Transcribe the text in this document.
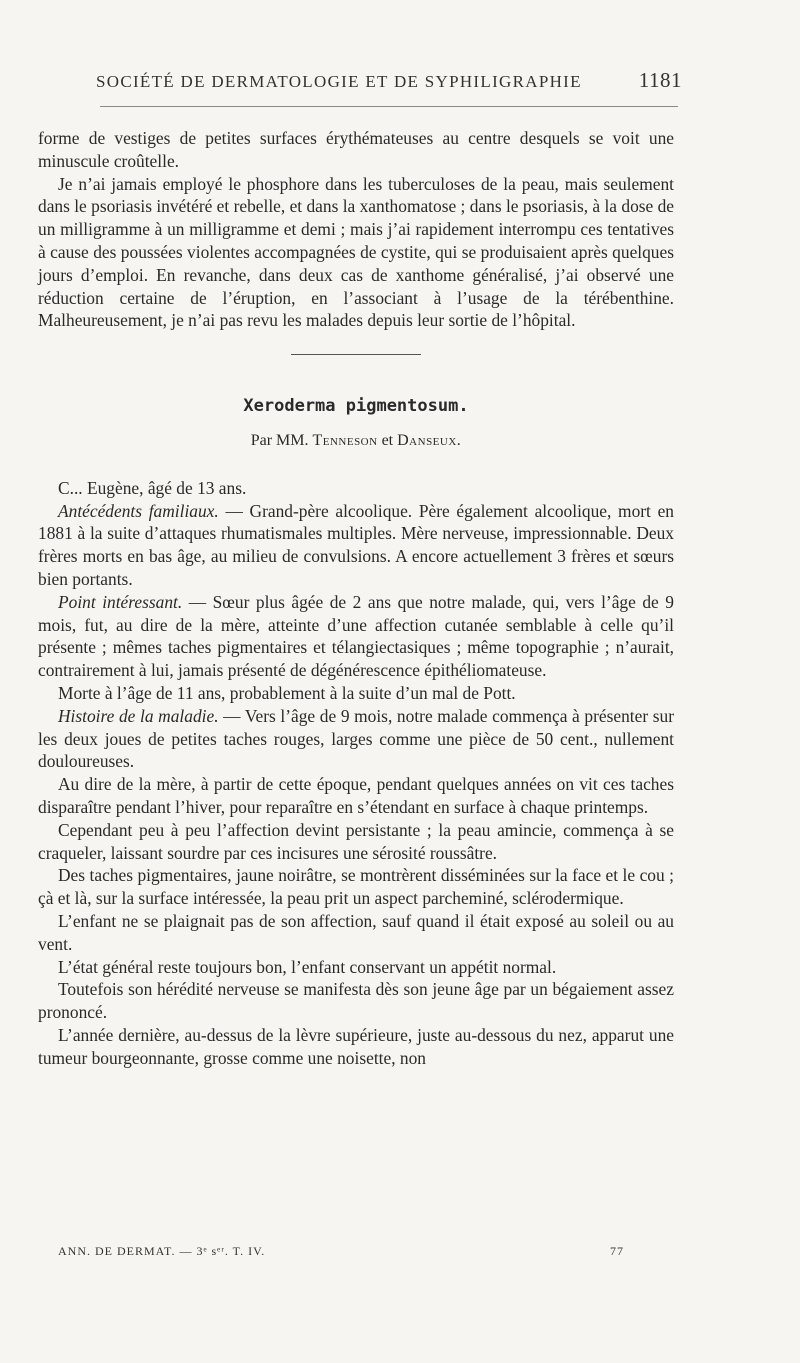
SOCIÉTÉ DE DERMATOLOGIE ET DE SYPHILIGRAPHIE	1181

forme de vestiges de petites surfaces érythémateuses au centre desquels se voit une minuscule croûtelle.

Je n’ai jamais employé le phosphore dans les tuberculoses de la peau, mais seulement dans le psoriasis invétéré et rebelle, et dans la xanthomatose ; dans le psoriasis, à la dose de un milligramme à un milligramme et demi ; mais j’ai rapidement interrompu ces tentatives à cause des poussées violentes accompagnées de cystite, qui se produisaient après quelques jours d’emploi. En revanche, dans deux cas de xanthome généralisé, j’ai observé une réduction certaine de l’éruption, en l’associant à l’usage de la térébenthine. Malheureusement, je n’ai pas revu les malades depuis leur sortie de l’hôpital.

Xeroderma pigmentosum.
Par MM. Tenneson et Danseux.

C... Eugène, âgé de 13 ans.

Antécédents familiaux. — Grand-père alcoolique. Père également alcoolique, mort en 1881 à la suite d’attaques rhumatismales multiples. Mère nerveuse, impressionnable. Deux frères morts en bas âge, au milieu de convulsions. A encore actuellement 3 frères et sœurs bien portants.

Point intéressant. — Sœur plus âgée de 2 ans que notre malade, qui, vers l’âge de 9 mois, fut, au dire de la mère, atteinte d’une affection cutanée semblable à celle qu’il présente ; mêmes taches pigmentaires et télangiectasiques ; même topographie ; n’aurait, contrairement à lui, jamais présenté de dégénérescence épithéliomateuse.

Morte à l’âge de 11 ans, probablement à la suite d’un mal de Pott.

Histoire de la maladie. — Vers l’âge de 9 mois, notre malade commença à présenter sur les deux joues de petites taches rouges, larges comme une pièce de 50 cent., nullement douloureuses.

Au dire de la mère, à partir de cette époque, pendant quelques années on vit ces taches disparaître pendant l’hiver, pour reparaître en s’étendant en surface à chaque printemps.

Cependant peu à peu l’affection devint persistante ; la peau amincie, commença à se craqueler, laissant sourdre par ces incisures une sérosité roussâtre.

Des taches pigmentaires, jaune noirâtre, se montrèrent disséminées sur la face et le cou ; çà et là, sur la surface intéressée, la peau prit un aspect parcheminé, sclérodermique.

L’enfant ne se plaignait pas de son affection, sauf quand il était exposé au soleil ou au vent.

L’état général reste toujours bon, l’enfant conservant un appétit normal.

Toutefois son hérédité nerveuse se manifesta dès son jeune âge par un bégaiement assez prononcé.

L’année dernière, au-dessus de la lèvre supérieure, juste au-dessous du nez, apparut une tumeur bourgeonnante, grosse comme une noisette, non

ANN. DE DERMAT. — 3ᵉ sᵉʳ. T. IV.	77
